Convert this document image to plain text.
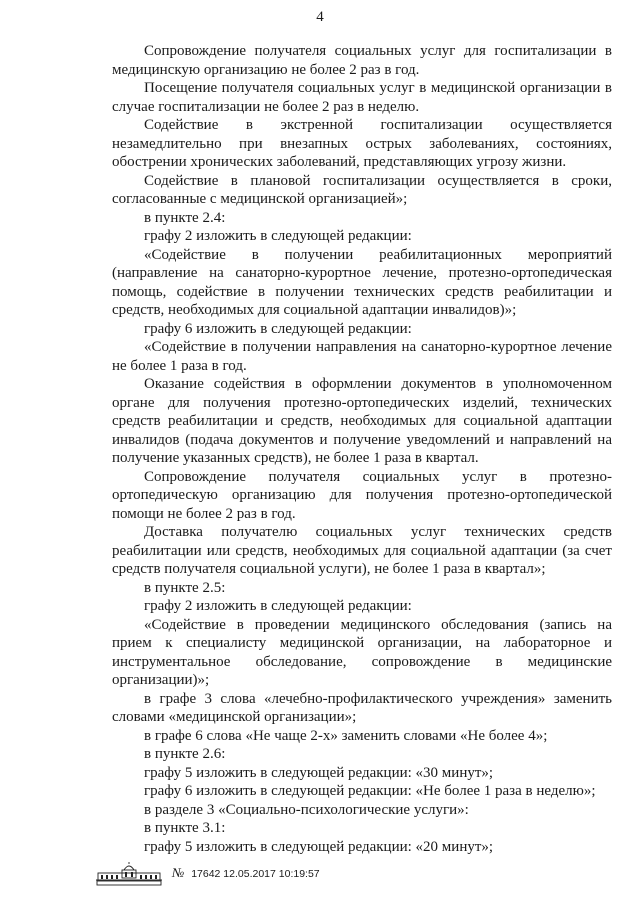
4

Сопровождение получателя социальных услуг для госпитализации в медицинскую организацию не более 2 раз в год.

Посещение получателя социальных услуг в медицинской организации в случае госпитализации не более 2 раз в неделю.

Содействие в экстренной госпитализации осуществляется незамедлительно при внезапных острых заболеваниях, состояниях, обострении хронических заболеваний, представляющих угрозу жизни.

Содействие в плановой госпитализации осуществляется в сроки, согласованные с медицинской организацией»;

в пункте 2.4:

графу 2 изложить в следующей редакции:

«Содействие в получении реабилитационных мероприятий (направление на санаторно-курортное лечение, протезно-ортопедическая помощь, содействие в получении технических средств реабилитации и средств, необходимых для социальной адаптации инвалидов)»;

графу 6 изложить в следующей редакции:

«Содействие в получении направления на санаторно-курортное лечение не более 1 раза в год.

Оказание содействия в оформлении документов в уполномоченном органе для получения протезно-ортопедических изделий, технических средств реабилитации и средств, необходимых для социальной адаптации инвалидов (подача документов и получение уведомлений и направлений на получение указанных средств), не более 1 раза в квартал.

Сопровождение получателя социальных услуг в протезно-ортопедическую организацию для получения протезно-ортопедической помощи не более 2 раз в год.

Доставка получателю социальных услуг технических средств реабилитации или средств, необходимых для социальной адаптации (за счет средств получателя социальной услуги), не более 1 раза в квартал»;

в пункте 2.5:

графу 2 изложить в следующей редакции:

«Содействие в проведении медицинского обследования (запись на прием к специалисту медицинской организации, на лабораторное и инструментальное обследование, сопровождение в медицинские организации)»;

в графе 3 слова «лечебно-профилактического учреждения» заменить словами «медицинской организации»;

в графе 6 слова «Не чаще 2-х» заменить словами «Не более 4»;

в пункте 2.6:

графу 5 изложить в следующей редакции: «30 минут»;

графу 6 изложить в следующей редакции: «Не более 1 раза в неделю»;

в разделе 3 «Социально-психологические услуги»:

в пункте 3.1:

графу 5 изложить в следующей редакции: «20 минут»;

№ 17642 12.05.2017 10:19:57
